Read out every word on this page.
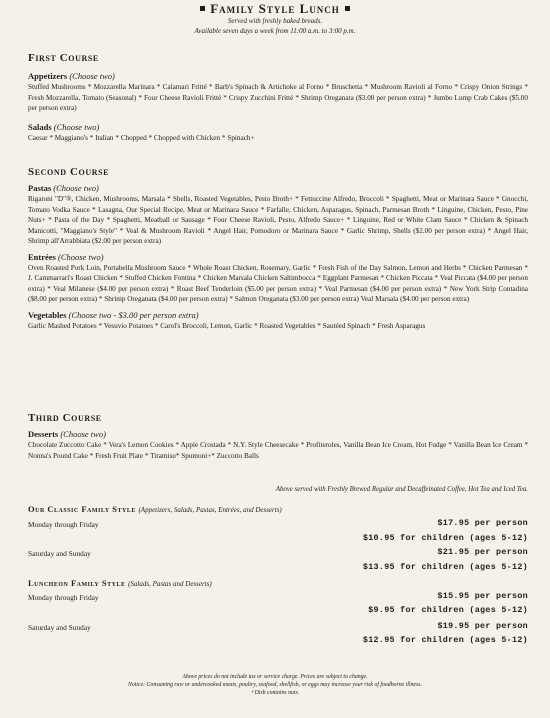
Family Style Lunch
Served with freshly baked breads.
Available seven days a week from 11:00 a.m. to 3:00 p.m.
First Course
Appetizers (Choose two)

Stuffed Mushrooms * Mozzarella Marinara * Calamari Fritté * Barb's Spinach & Artichoke al Forno * Bruschetta * Mushroom Ravioli al Forno * Crispy Onion Strings * Fresh Mozzarella, Tomato (Seasonal) * Four Cheese Ravioli Fritté * Crispy Zucchini Fritté * Shrimp Oreganata ($3.00 per person extra) * Jumbo Lump Crab Cakes ($5.00 per person extra)

Salads (Choose two)

Caesar * Maggiano's * Italian * Chopped * Chopped with Chicken * Spinach+

Second Course
Pastas (Choose two)

Rigatoni "D"®, Chicken, Mushrooms, Marsala * Shells, Roasted Vegetables, Pesto Broth+ * Fettuccine Alfredo, Broccoli * Spaghetti, Meat or Marinara Sauce * Gnocchi, Tomato Vodka Sauce * Lasagna, Our Special Recipe, Meat or Marinara Sauce * Farfalle, Chicken, Asparagus, Spinach, Parmesan Broth * Linguine, Chicken, Pesto, Pine Nuts+ * Pasta of the Day * Spaghetti, Meatball or Sausage * Four Cheese Ravioli, Pesto, Alfredo Sauce+ * Linguine, Red or White Clam Sauce * Chicken & Spinach Manicotti, "Maggiano's Style" * Veal & Mushroom Ravioli * Angel Hair, Pomodoro or Marinara Sauce * Garlic Shrimp, Shells ($2.00 per person extra) * Angel Hair, Shrimp all'Arrabbiata ($2.00 per person extra)

Entrées (Choose two)

Oven Roasted Pork Loin, Portabella Mushroom Sauce * Whole Roast Chicken, Rosemary, Garlic * Fresh Fish of the Day Salmon, Lemon and Herbs * Chicken Parmesan * J. Cammarrari's Roast Chicken * Stuffed Chicken Fontina * Chicken Marsala Chicken Saltimbocca * Eggplant Parmesan * Chicken Piccata * Veal Piccata ($4.00 per person extra) * Veal Milanese ($4.00 per person extra) * Roast Beef Tenderloin ($5.00 per person extra) * Veal Parmesan ($4.00 per person extra) * New York Strip Contadina ($8.00 per person extra) * Shrimp Oreganata ($4.00 per person extra) * Salmon Oreganata ($3.00 per person extra) Veal Marsala ($4.00 per person extra)

Vegetables (Choose two - $3.00 per person extra)

Garlic Mashed Potatoes * Vesuvio Potatoes * Carol's Broccoli, Lemon, Garlic * Roasted Vegetables * Sautéed Spinach * Fresh Asparagus

Third Course
Desserts (Choose two)

Chocolate Zuccotto Cake * Vera's Lemon Cookies * Apple Crostada * N.Y. Style Cheesecake * Profiteroles, Vanilla Bean Ice Cream, Hot Fudge * Vanilla Bean Ice Cream * Nonna's Pound Cake * Fresh Fruit Plate * Tiramisu* Spumoni+* Zuccotto Balls

Above served with Freshly Brewed Regular and Decaffeinated Coffee, Hot Tea and Iced Tea.
Our Classic Family Style (Appetizers, Salads, Pastas, Entrées, and Desserts)
Monday through Friday	$17.95 per person
$10.95 for children (ages 5-12)
Saturday and Sunday	$21.95 per person
$13.95 for children (ages 5-12)
Luncheon Family Style (Salads, Pastas and Desserts)
Monday through Friday	$15.95 per person
$9.95 for children (ages 5-12)
Saturday and Sunday	$19.95 per person
$12.95 for children (ages 5-12)
Above prices do not include tax or service charge. Prices are subject to change.
Notice: Consuming raw or undercooked meats, poultry, seafood, shellfish, or eggs may increase your risk of foodborne illness.
+Dish contains nuts.
